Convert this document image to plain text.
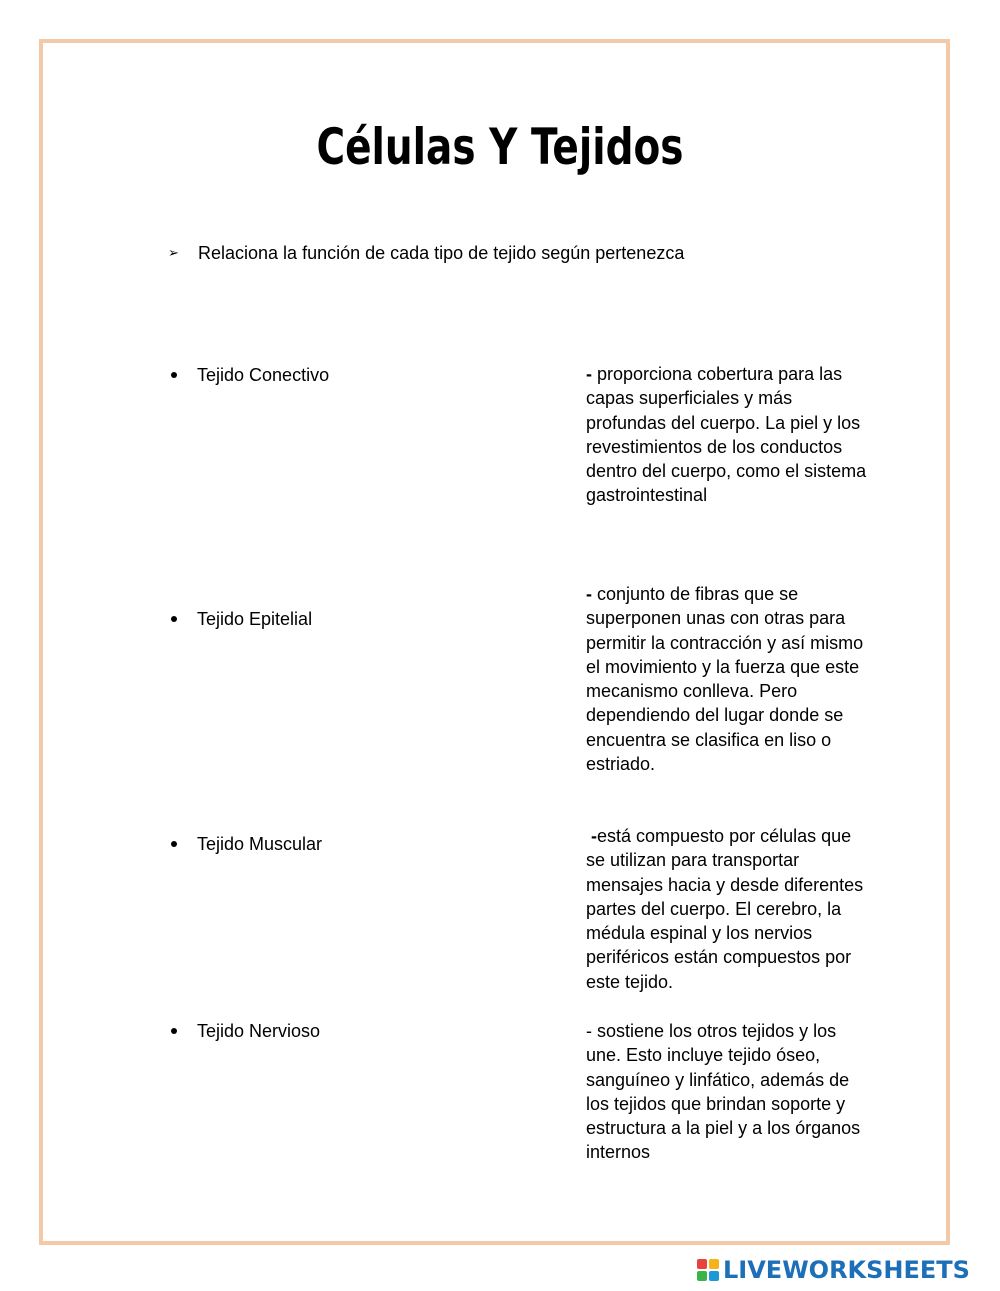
Células Y Tejidos
➢ Relaciona la función de cada tipo de tejido según pertenezca
Tejido Conectivo
Tejido Epitelial
Tejido Muscular
Tejido Nervioso

- proporciona cobertura para las capas superficiales y más profundas del cuerpo. La piel y los revestimientos de los conductos dentro del cuerpo, como el sistema gastrointestinal

- conjunto de fibras que se superponen unas con otras para permitir la contracción y así mismo el movimiento y la fuerza que este mecanismo conlleva. Pero dependiendo del lugar donde se encuentra se clasifica en liso o estriado.

-está compuesto por células que se utilizan para transportar mensajes hacia y desde diferentes partes del cuerpo. El cerebro, la médula espinal y los nervios periféricos están compuestos por este tejido.

- sostiene los otros tejidos y los une. Esto incluye tejido óseo, sanguíneo y linfático, además de los tejidos que brindan soporte y estructura a la piel y a los órganos internos

LIVEWORKSHEETS
